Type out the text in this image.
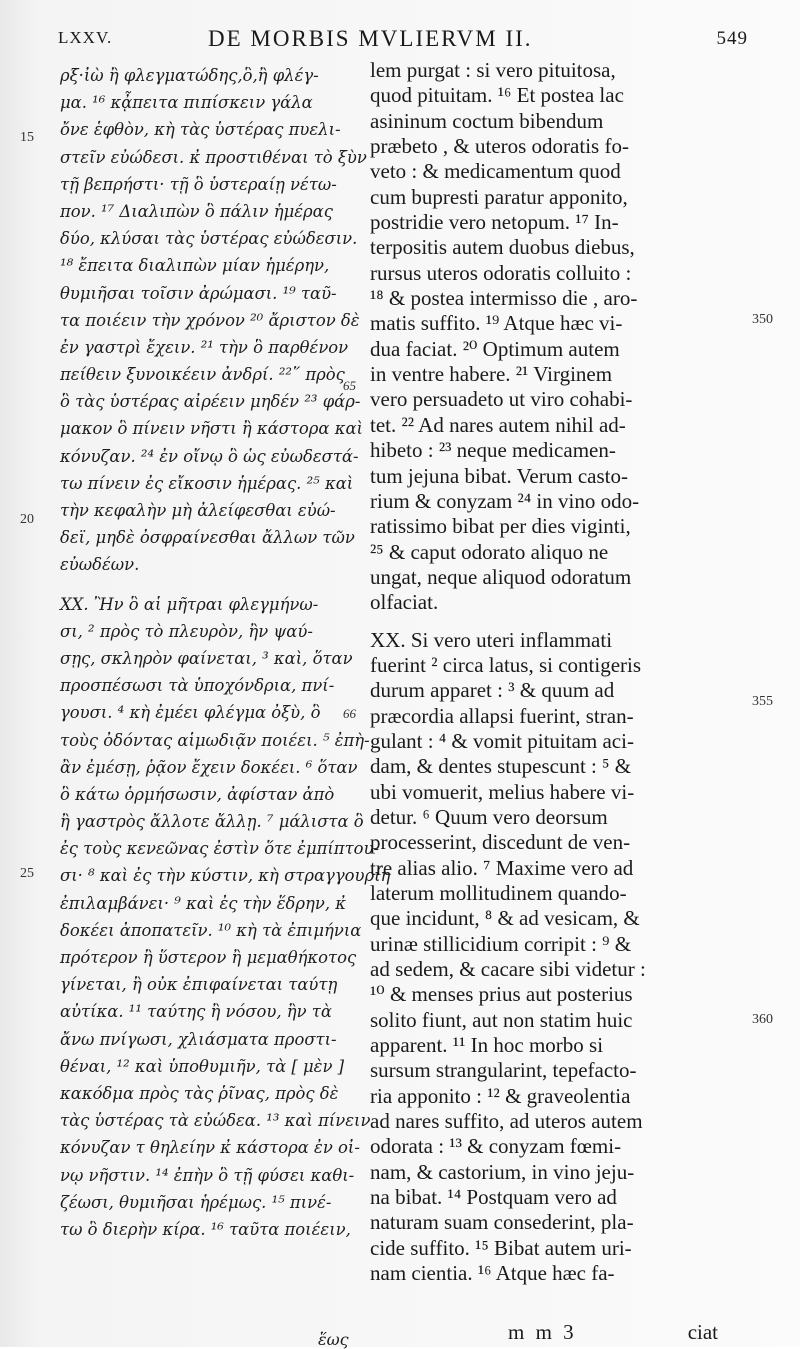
LXXV.	DE MORBIS MVLIERVM II.	549
ρξ·ἰὼ ἢ φλεγματώδης,ὃ,ἢ φλέγ-
μα. ¹⁶ κᾆπειτα πιπίσκειν γάλα
ὄνε ἑφθὸν, κὴ τὰς ὑστέρας πυελι-
στεῖν εὐώδεσι. κ̓ προστιθέναι τὸ ξὺν
τῇ βεπρήστι· τῇ ὃ ὑστεραίῃ νέτω-
πον. ¹⁷ Διαλιπὼν ὃ πάλιν ἡμέρας
δύο, κλύσαι τὰς ὑστέρας εὐώδεσιν.
¹⁸ ἔπειτα διαλιπὼν μίαν ἡμέρην,
θυμιῆσαι τοῖσιν ἀρώμασι. ¹⁹ ταῦ-
τα ποιέειν τὴν χρόνον ²⁰ ἄριστον δὲ
ἐν γαστρὶ ἔχειν. ²¹ τὴν ὃ παρθένον
πείθειν ξυνοικέειν ἀνδρί. ²²῞ πρὸς
ὃ τὰς ὑστέρας αἰρέειν μηδέν ²³ φάρ-
μακον ὃ πίνειν νῆστι ἢ κάστορα καὶ
κόνυζαν. ²⁴ ἐν οἴνῳ ὃ ὡς εὐωδεστά-
τω πίνειν ἐς εἴκοσιν ἡμέρας. ²⁵ καὶ
τὴν κεφαλὴν μὴ ἀλείφεσθαι εὐώ-
δεϊ, μηδὲ ὀσφραίνεσθαι ἄλλων τῶν
εὐωδέων.
XX. Ἢν ὃ αἱ μῆτραι φλεγμήνω-
σι, ² πρὸς τὸ πλευρὸν, ἢν ψαύ-
σῃς, σκληρὸν φαίνεται, ³ καὶ, ὅταν
προσπέσωσι τὰ ὑποχόνδρια, πνί-
γουσι. ⁴ κὴ ἐμέει φλέγμα ὀξὺ, ὃ
τοὺς ὀδόντας αἱμωδιᾷν ποιέει. ⁵ ἐπὴ-
ἂν ἐμέσῃ, ῥᾷον ἔχειν δοκέει. ⁶ ὅταν
ὃ κάτω ὁρμήσωσιν, ἀφίσταν ἀπὸ
ἢ γαστρὸς ἄλλοτε ἄλλῃ. ⁷ μάλιστα ὃ
ἐς τοὺς κενεῶνας ἐστὶν ὅτε ἐμπίπτου-
σι· ⁸ καὶ ἐς τὴν κύστιν, κὴ στραγγουρίη
ἐπιλαμβάνει· ⁹ καὶ ἐς τὴν ἕδρην, κ̓
δοκέει ἀποπατεῖν. ¹⁰ κὴ τὰ ἐπιμήνια
πρότερον ἢ ὕστερον ἢ μεμαθήκοτος
γίνεται, ἢ οὐκ ἐπιφαίνεται ταύτῃ
αὐτίκα. ¹¹ ταύτης ἢ νόσου, ἢν τὰ
ἄνω πνίγωσι, χλιάσματα προστι-
θέναι, ¹² καὶ ὑποθυμιῆν, τὰ [ μὲν ]
κακόδμα πρὸς τὰς ῥῖνας, πρὸς δὲ
τὰς ὑστέρας τὰ εὐώδεα. ¹³ καὶ πίνειν
κόνυζαν τ θηλείην κ̓ κάστορα ἐν οἰ-
νῳ νῆστιν. ¹⁴ ἐπὴν ὃ τῇ φύσει καθι-
ζέωσι, θυμιῆσαι ἡρέμως. ¹⁵ πινέ-
τω ὃ διερὴν κίρα. ¹⁶ ταῦτα ποιέειν,
lem purgat : si vero pituitosa,
quod pituitam. ¹⁶ Et postea lac
asininum coctum bibendum
præbeto , & uteros odoratis fo-
veto : & medicamentum quod
cum bupresti paratur apponito,
postridie vero netopum. ¹⁷ In-
terpositis autem duobus diebus,
rursus uteros odoratis colluito :
¹⁸ & postea intermisso die , aro-
matis suffito. ¹⁹ Atque hæc vi-
dua faciat. ²⁰ Optimum autem
in ventre habere. ²¹ Virginem
vero persuadeto ut viro cohabi-
tet. ²² Ad nares autem nihil ad-
hibeto : ²³ neque medicamen-
tum jejuna bibat. Verum casto-
rium & conyzam ²⁴ in vino odo-
ratissimo bibat per dies viginti,
²⁵ & caput odorato aliquo ne
ungat, neque aliquod odoratum
olfaciat.
XX. Si vero uteri inflammati
fuerint ² circa latus, si contigeris
durum apparet : ³ & quum ad
præcordia allapsi fuerint, stran-
gulant : ⁴ & vomit pituitam aci-
dam, & dentes stupescunt : ⁵ &
ubi vomuerit, melius habere vi-
detur. ⁶ Quum vero deorsum
processerint, discedunt de ven-
tre alias alio. ⁷ Maxime vero ad
laterum mollitudinem quando-
que incidunt, ⁸ & ad vesicam, &
urinæ stillicidium corripit : ⁹ &
ad sedem, & cacare sibi videtur :
¹⁰ & menses prius aut posterius
solito fiunt, aut non statim huic
apparent. ¹¹ In hoc morbo si
sursum strangularint, tepefacto-
ria apponito : ¹² & graveolentia
ad nares suffito, ad uteros autem
odorata : ¹³ & conyzam fœmi-
nam, & castorium, in vino jeju-
na bibat. ¹⁴ Postquam vero ad
naturam suam consederint, pla-
cide suffito. ¹⁵ Bibat autem uri-
nam cientia. ¹⁶ Atque hæc fa-
15
20
25
65
66
350
355
360
ἕως	m m 3	ciat
